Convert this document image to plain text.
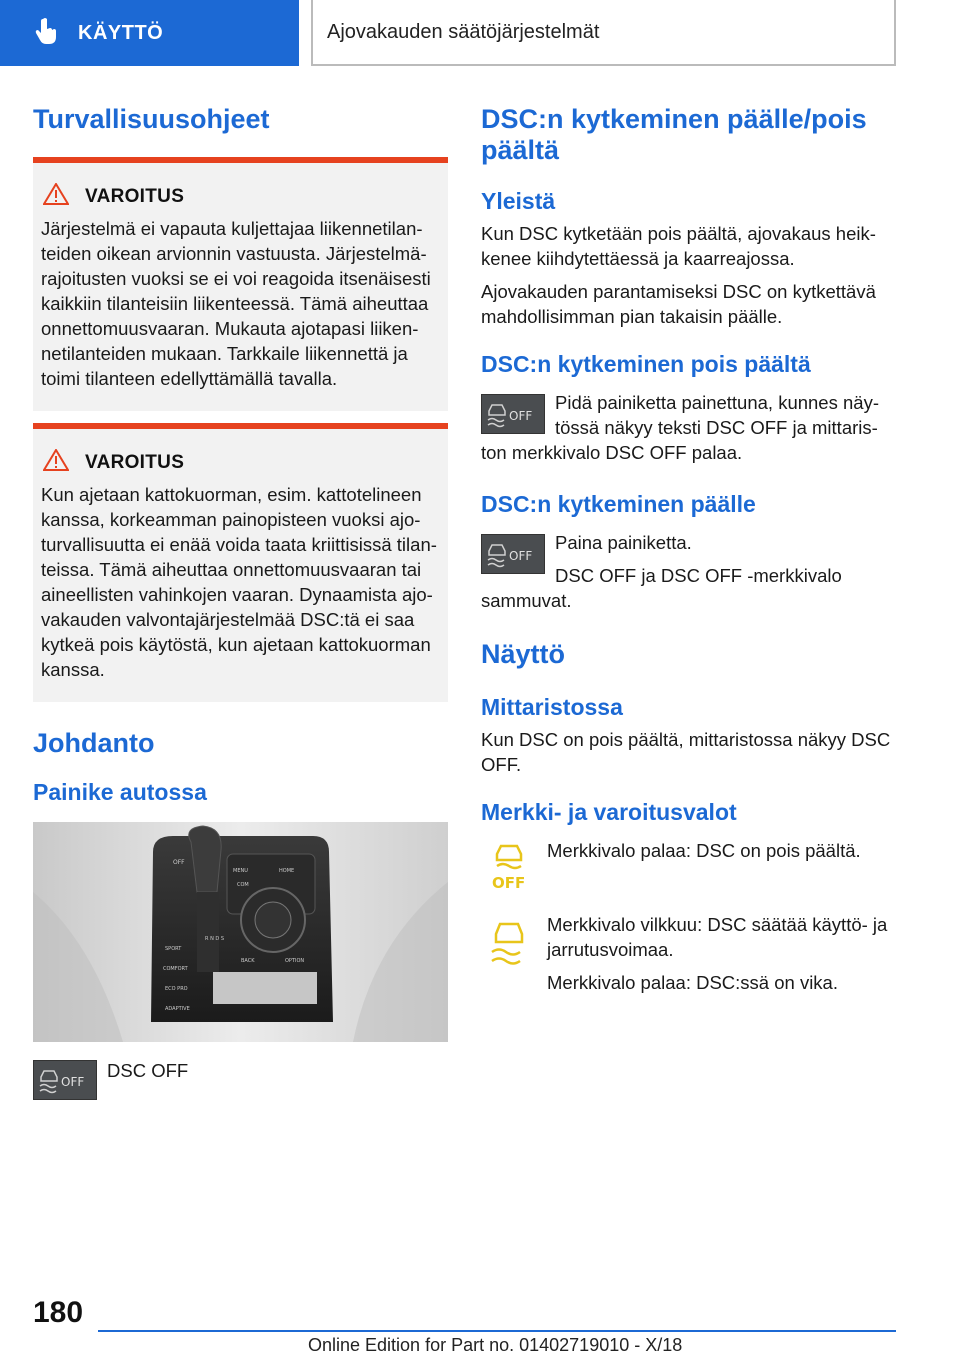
KÄYTTÖ	Ajovakauden säätöjärjestelmät
Turvallisuusohjeet
VAROITUS

Järjestelmä ei vapauta kuljettajaa liikennetilan-teiden oikean arvionnin vastuusta. Järjestelmä-rajoitusten vuoksi se ei voi reagoida itsenäisesti kaikkiin tilanteisiin liikenteessä. Tämä aiheuttaa onnettomuusvaaran. Mukauta ajotapasi liiken-netilanteiden mukaan. Tarkkaile liikennettä ja toimi tilanteen edellyttämällä tavalla.

VAROITUS

Kun ajetaan kattokuorman, esim. kattotelineen kanssa, korkeamman painopisteen vuoksi ajo-turvallisuutta ei enää voida taata kriittisissä tilan-teissa. Tämä aiheuttaa onnettomuusvaaran tai aineellisten vahinkojen vaaran. Dynaamista ajo-vakauden valvontajärjestelmää DSC:tä ei saa kytkeä pois käytöstä, kun ajetaan kattokuorman kanssa.

Johdanto
Painike autossa
OFF
SPORT
COMFORT
ECO PRO
ADAPTIVE
MENU	HOME
COM
BACK	OPTION
R N D S
OFF

DSC OFF

DSC:n kytkeminen päälle/pois päältä
Yleistä

Kun DSC kytketään pois päältä, ajovakaus heik-kenee kiihdytettäessä ja kaarreajossa.

Ajovakauden parantamiseksi DSC on kytkettävä mahdollisimman pian takaisin päälle.

DSC:n kytkeminen pois päältä
OFF

Pidä painiketta painettuna, kunnes näy-tössä näkyy teksti DSC OFF ja mittaris-ton merkkivalo DSC OFF palaa.

DSC:n kytkeminen päälle
OFF

Paina painiketta.

DSC OFF ja DSC OFF -merkkivalo sammuvat.

Näyttö
Mittaristossa

Kun DSC on pois päältä, mittaristossa näkyy DSC OFF.

Merkki- ja varoitusvalot
OFF

Merkkivalo palaa: DSC on pois päältä.

Merkkivalo vilkkuu: DSC säätää käyttö- ja jarrutusvoimaa.

Merkkivalo palaa: DSC:ssä on vika.

180
Online Edition for Part no. 01402719010 - X/18
